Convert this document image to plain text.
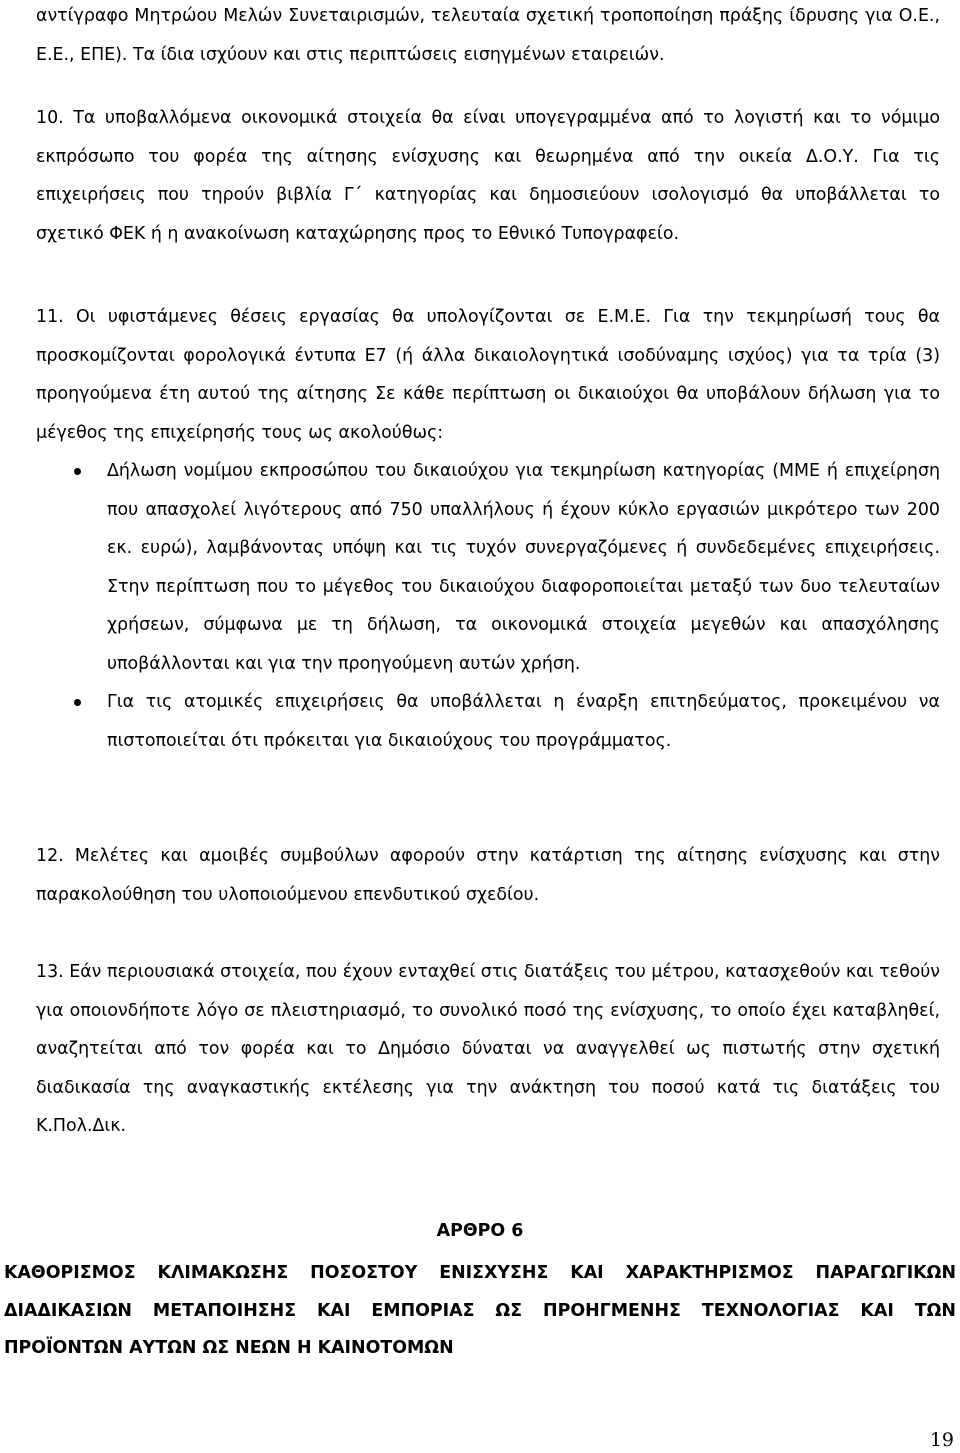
αντίγραφο Μητρώου Μελών Συνεταιρισμών, τελευταία σχετική τροποποίηση πράξης ίδρυσης για Ο.Ε., Ε.Ε., ΕΠΕ). Τα ίδια ισχύουν και στις περιπτώσεις εισηγμένων εταιρειών.

10. Τα υποβαλλόμενα οικονομικά στοιχεία θα είναι υπογεγραμμένα από το λογιστή και το νόμιμο εκπρόσωπο του φορέα της αίτησης ενίσχυσης και θεωρημένα από την οικεία Δ.Ο.Υ. Για τις επιχειρήσεις που τηρούν βιβλία Γ΄ κατηγορίας και δημοσιεύουν ισολογισμό θα υποβάλλεται το σχετικό ΦΕΚ ή η ανακοίνωση καταχώρησης προς το Εθνικό Τυπογραφείο.

11. Οι υφιστάμενες θέσεις εργασίας θα υπολογίζονται σε Ε.Μ.Ε. Για την τεκμηρίωσή τους θα προσκομίζονται φορολογικά έντυπα Ε7 (ή άλλα δικαιολογητικά ισοδύναμης ισχύος) για τα τρία (3) προηγούμενα έτη αυτού της αίτησης Σε κάθε περίπτωση οι δικαιούχοι θα υποβάλουν δήλωση για το μέγεθος της επιχείρησής τους ως ακολούθως:

Δήλωση νομίμου εκπροσώπου του δικαιούχου για τεκμηρίωση κατηγορίας (ΜΜΕ ή επιχείρηση που απασχολεί λιγότερους από 750 υπαλλήλους ή έχουν κύκλο εργασιών μικρότερο των 200 εκ. ευρώ), λαμβάνοντας υπόψη και τις τυχόν συνεργαζόμενες ή συνδεδεμένες επιχειρήσεις. Στην περίπτωση που το μέγεθος του δικαιούχου διαφοροποιείται μεταξύ των δυο τελευταίων χρήσεων, σύμφωνα με τη δήλωση, τα οικονομικά στοιχεία μεγεθών και απασχόλησης υποβάλλονται και για την προηγούμενη αυτών χρήση.
Για τις ατομικές επιχειρήσεις θα υποβάλλεται η έναρξη επιτηδεύματος, προκειμένου να πιστοποιείται ότι πρόκειται για δικαιούχους του προγράμματος.

12. Μελέτες και αμοιβές συμβούλων αφορούν στην κατάρτιση της αίτησης ενίσχυσης και στην παρακολούθηση του υλοποιούμενου επενδυτικού σχεδίου.

13. Εάν περιουσιακά στοιχεία, που έχουν ενταχθεί στις διατάξεις του μέτρου, κατασχεθούν και τεθούν για οποιονδήποτε λόγο σε πλειστηριασμό, το συνολικό ποσό της ενίσχυσης, το οποίο έχει καταβληθεί, αναζητείται από τον φορέα και το Δημόσιο δύναται να αναγγελθεί ως πιστωτής στην σχετική διαδικασία της αναγκαστικής εκτέλεσης για την ανάκτηση του ποσού κατά τις διατάξεις του Κ.Πολ.Δικ.

ΑΡΘΡΟ 6
ΚΑΘΟΡΙΣΜΟΣ ΚΛΙΜΑΚΩΣΗΣ ΠΟΣΟΣΤΟΥ ΕΝΙΣΧΥΣΗΣ ΚΑΙ ΧΑΡΑΚΤΗΡΙΣΜΟΣ ΠΑΡΑΓΩΓΙΚΩΝ ΔΙΑΔΙΚΑΣΙΩΝ ΜΕΤΑΠΟΙΗΣΗΣ ΚΑΙ ΕΜΠΟΡΙΑΣ ΩΣ ΠΡΟΗΓΜΕΝΗΣ ΤΕΧΝΟΛΟΓΙΑΣ ΚΑΙ ΤΩΝ ΠΡΟΪΟΝΤΩΝ ΑΥΤΩΝ ΩΣ ΝΕΩΝ Η ΚΑΙΝΟΤΟΜΩΝ
19
